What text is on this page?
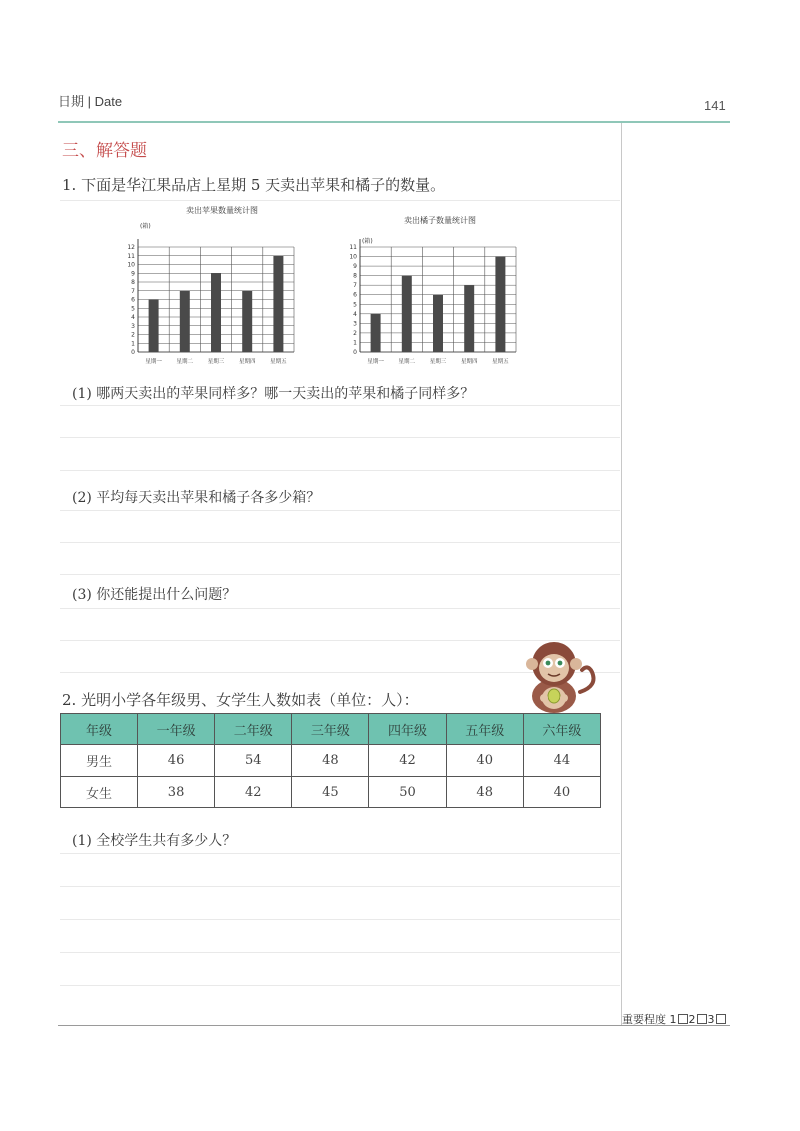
日期 | Date	141
三、解答题
1. 下面是华江果品店上星期 5 天卖出苹果和橘子的数量。
卖出苹果数量统计图
(箱)
0
1
2
3
4
5
6
7
8
9
10
11
12
星期一	星期二	星期三	星期四	星期五
卖出橘子数量统计图
(箱)
0
1
2
3
4
5
6
7
8
9
10
11
星期一	星期二	星期三	星期四	星期五
(1) 哪两天卖出的苹果同样多？哪一天卖出的苹果和橘子同样多？
(2) 平均每天卖出苹果和橘子各多少箱？
(3) 你还能提出什么问题？
2. 光明小学各年级男、女学生人数如表（单位：人）：
年级	一年级	二年级	三年级	四年级	五年级	六年级
男生	46	54	48	42	40	44
女生	38	42	45	50	48	40
(1) 全校学生共有多少人？
重要程度 1 2 3
